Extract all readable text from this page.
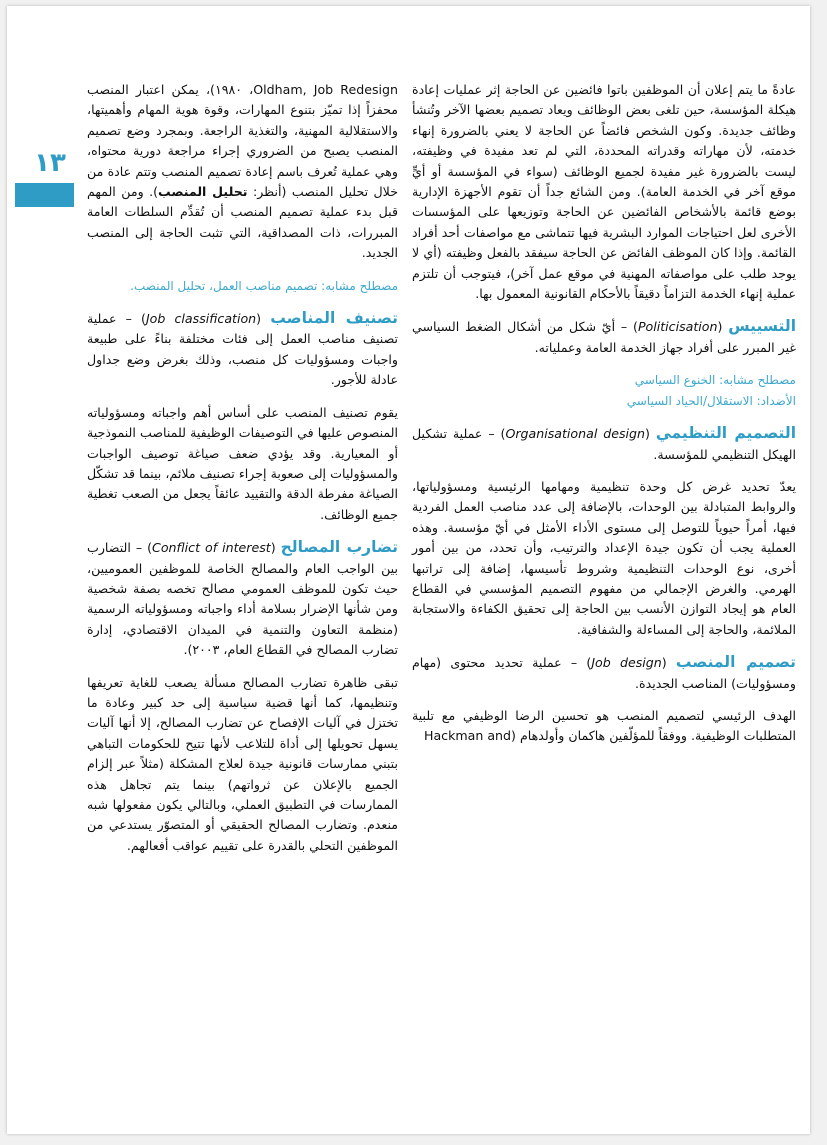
١٣

عادةً ما يتم إعلان أن الموظفين باتوا فائضين عن الحاجة إثر عمليات إعادة هيكلة المؤسسة، حين تلغى بعض الوظائف ويعاد تصميم بعضها الآخر وتُنشأ وظائف جديدة. وكون الشخص فائضاً عن الحاجة لا يعني بالضرورة إنهاء خدمته، لأن مهاراته وقدراته المحددة، التي لم تعد مفيدة في وظيفته، ليست بالضرورة غير مفيدة لجميع الوظائف (سواء في المؤسسة أو أيٍّ موقع آخر في الخدمة العامة). ومن الشائع جداً أن تقوم الأجهزة الإدارية بوضع قائمة بالأشخاص الفائضين عن الحاجة وتوزيعها على المؤسسات الأخرى لعل احتياجات الموارد البشرية فيها تتماشى مع مواصفات أحد أفراد القائمة. وإذا كان الموظف الفائض عن الحاجة سيفقد بالفعل وظيفته (أي لا يوجد طلب على مواصفاته المهنية في موقع عمل آخر)، فيتوجب أن تلتزم عملية إنهاء الخدمة التزاماً دقيقاً بالأحكام القانونية المعمول بها.

التسييس (Politicisation) – أيّ شكل من أشكال الضغط السياسي غير المبرر على أفراد جهاز الخدمة العامة وعملياته.

مصطلح مشابه: الخنوع السياسي

الأضداد: الاستقلال/الحياد السياسي

التصميم التنظيمي (Organisational design) – عملية تشكيل الهيكل التنظيمي للمؤسسة.

يعدّ تحديد غرض كل وحدة تنظيمية ومهامها الرئيسية ومسؤولياتها، والروابط المتبادلة بين الوحدات، بالإضافة إلى عدد مناصب العمل الفردية فيها، أمراً حيوياً للتوصل إلى مستوى الأداء الأمثل في أيّ مؤسسة. وهذه العملية يجب أن تكون جيدة الإعداد والترتيب، وأن تحدد، من بين أمور أخرى، نوع الوحدات التنظيمية وشروط تأسيسها، إضافة إلى تراتبها الهرمي. والغرض الإجمالي من مفهوم التصميم المؤسسي في القطاع العام هو إيجاد التوازن الأنسب بين الحاجة إلى تحقيق الكفاءة والاستجابة الملائمة، والحاجة إلى المساءلة والشفافية.

تصميم المنصب (Job design) – عملية تحديد محتوى (مهام ومسؤوليات) المناصب الجديدة.

الهدف الرئيسي لتصميم المنصب هو تحسين الرضا الوظيفي مع تلبية المتطلبات الوظيفية. ووفقاً للمؤلّفين هاكمان وأولدهام (Hackman and

Oldham, Job Redesign، ١٩٨٠)، يمكن اعتبار المنصب محفزاً إذا تميّز بتنوع المهارات، وقوة هوية المهام وأهميتها، والاستقلالية المهنية، والتغذية الراجعة. وبمجرد وضع تصميم المنصب يصبح من الضروري إجراء مراجعة دورية محتواه، وهي عملية تُعرف باسم إعادة تصميم المنصب وتتم عادة من خلال تحليل المنصب (أنظر: تحليل المنصب). ومن المهم قبل بدء عملية تصميم المنصب أن تُقدِّم السلطات العامة المبررات، ذات المصداقية، التي تثبت الحاجة إلى المنصب الجديد.

مصطلح مشابه: تصميم مناصب العمل، تحليل المنصب.

تصنيف المناصب (Job classification) – عملية تصنيف مناصب العمل إلى فئات مختلفة بناءً على طبيعة واجبات ومسؤوليات كل منصب، وذلك بغرض وضع جداول عادلة للأجور.

يقوم تصنيف المنصب على أساس أهم واجباته ومسؤولياته المنصوص عليها في التوصيفات الوظيفية للمناصب النموذجية أو المعيارية. وقد يؤدي ضعف صياغة توصيف الواجبات والمسؤوليات إلى صعوبة إجراء تصنيف ملائم، بينما قد تشكّل الصياغة مفرطة الدقة والتقييد عائقاً يجعل من الصعب تغطية جميع الوظائف.

تضارب المصالح (Conflict of interest) – التضارب بين الواجب العام والمصالح الخاصة للموظفين العموميين، حيث تكون للموظف العمومي مصالح تخصه بصفة شخصية ومن شأنها الإضرار بسلامة أداء واجباته ومسؤولياته الرسمية (منظمة التعاون والتنمية في الميدان الاقتصادي، إدارة تضارب المصالح في القطاع العام، ٢٠٠٣).

تبقى ظاهرة تضارب المصالح مسألة يصعب للغاية تعريفها وتنظيمها، كما أنها قضية سياسية إلى حد كبير وعادة ما تختزل في آليات الإفصاح عن تضارب المصالح، إلا أنها آليات يسهل تحويلها إلى أداة للتلاعب لأنها تتيح للحكومات التباهي بتبني ممارسات قانونية جيدة لعلاج المشكلة (مثلاً عبر إلزام الجميع بالإعلان عن ثرواتهم) بينما يتم تجاهل هذه الممارسات في التطبيق العملي، وبالتالي يكون مفعولها شبه منعدم. وتضارب المصالح الحقيقي أو المتصوّر يستدعي من الموظفين التحلي بالقدرة على تقييم عواقب أفعالهم.
